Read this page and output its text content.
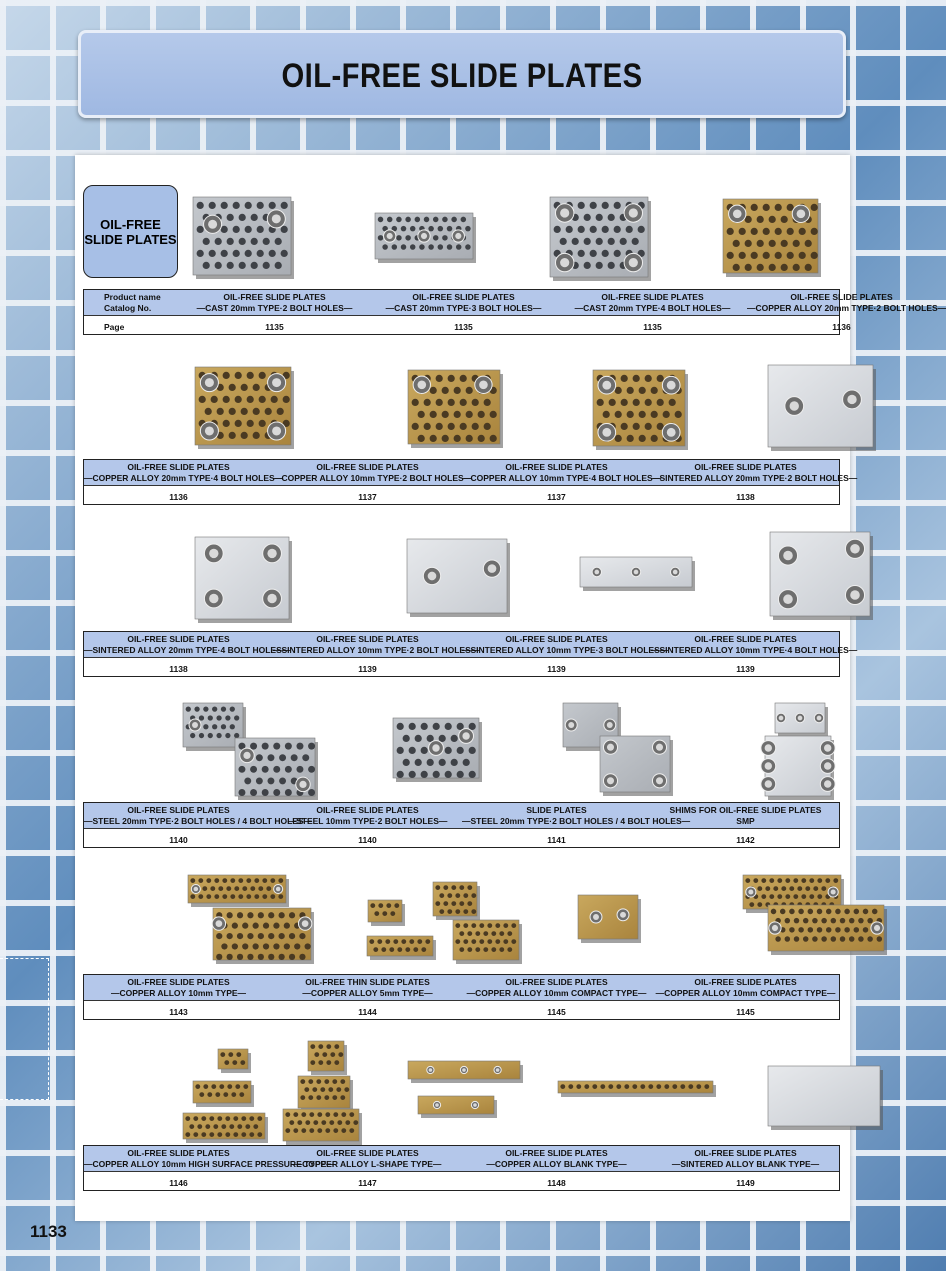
OIL-FREE SLIDE PLATES
OIL-FREE
SLIDE PLATES
Product name
Catalog No.
Page
OIL-FREE SLIDE PLATES
—CAST 20mm TYPE·2 BOLT HOLES—
1135
OIL-FREE SLIDE PLATES
—CAST 20mm TYPE·3 BOLT HOLES—
1135
OIL-FREE SLIDE PLATES
—CAST 20mm TYPE·4 BOLT HOLES—
1135
OIL-FREE SLIDE PLATES
—COPPER ALLOY 20mm TYPE·2 BOLT HOLES—
1136
OIL-FREE SLIDE PLATES
—COPPER ALLOY 20mm TYPE·4 BOLT HOLES—
1136
OIL-FREE SLIDE PLATES
—COPPER ALLOY 10mm TYPE·2 BOLT HOLES—
1137
OIL-FREE SLIDE PLATES
—COPPER ALLOY 10mm TYPE·4 BOLT HOLES—
1137
OIL-FREE SLIDE PLATES
—SINTERED ALLOY 20mm TYPE·2 BOLT HOLES—
1138
OIL-FREE SLIDE PLATES
—SINTERED ALLOY 20mm TYPE·4 BOLT HOLES—
1138
OIL-FREE SLIDE PLATES
—SINTERED ALLOY 10mm TYPE·2 BOLT HOLES—
1139
OIL-FREE SLIDE PLATES
—SINTERED ALLOY 10mm TYPE·3 BOLT HOLES—
1139
OIL-FREE SLIDE PLATES
—SINTERED ALLOY 10mm TYPE·4 BOLT HOLES—
1139
OIL-FREE SLIDE PLATES
—STEEL 20mm TYPE·2 BOLT HOLES / 4 BOLT HOLES—
1140
OIL-FREE SLIDE PLATES
—STEEL 10mm TYPE·2 BOLT HOLES—
1140
SLIDE PLATES
—STEEL 20mm TYPE·2 BOLT HOLES / 4 BOLT HOLES—
1141
SHIMS FOR OIL-FREE SLIDE PLATES
SMP
1142
OIL-FREE SLIDE PLATES
—COPPER ALLOY 10mm TYPE—
1143
OIL-FREE THIN SLIDE PLATES
—COPPER ALLOY 5mm TYPE—
1144
OIL-FREE SLIDE PLATES
—COPPER ALLOY 10mm COMPACT TYPE—
1145
OIL-FREE SLIDE PLATES
—COPPER ALLOY 10mm COMPACT TYPE—
1145
OIL-FREE SLIDE PLATES
—COPPER ALLOY 10mm HIGH SURFACE PRESSURE TYPE—
1146
OIL-FREE SLIDE PLATES
—COPPER ALLOY L-SHAPE TYPE—
1147
OIL-FREE SLIDE PLATES
—COPPER ALLOY BLANK TYPE—
1148
OIL-FREE SLIDE PLATES
—SINTERED ALLOY BLANK TYPE—
1149
1133
